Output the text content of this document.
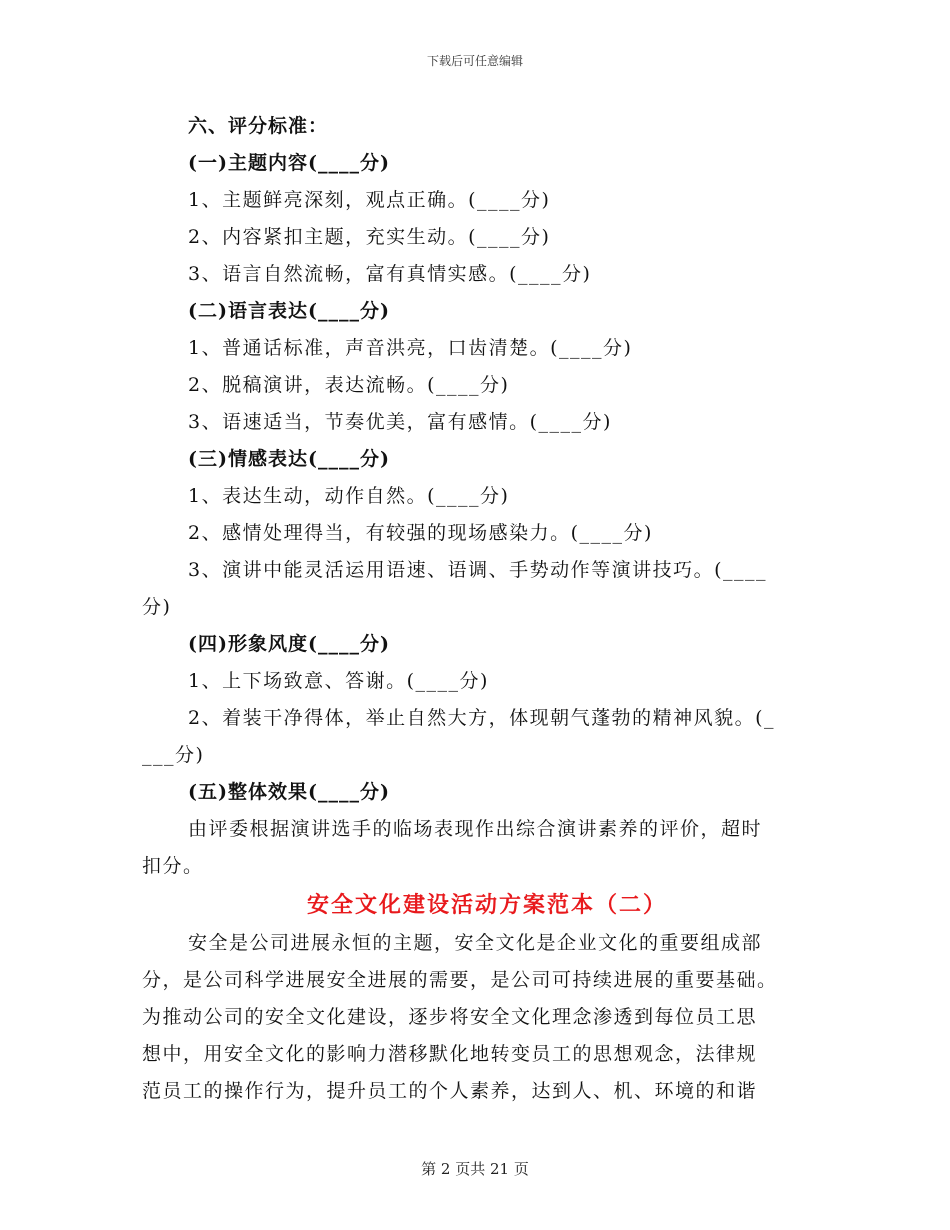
下载后可任意编辑
六、评分标准：
(一)主题内容(____分)
1、主题鲜亮深刻，观点正确。(____分)
2、内容紧扣主题，充实生动。(____分)
3、语言自然流畅，富有真情实感。(____分)
(二)语言表达(____分)
1、普通话标准，声音洪亮，口齿清楚。(____分)
2、脱稿演讲，表达流畅。(____分)
3、语速适当，节奏优美，富有感情。(____分)
(三)情感表达(____分)
1、表达生动，动作自然。(____分)
2、感情处理得当，有较强的现场感染力。(____分)
3、演讲中能灵活运用语速、语调、手势动作等演讲技巧。(____
分)
(四)形象风度(____分)
1、上下场致意、答谢。(____分)
2、着装干净得体，举止自然大方，体现朝气蓬勃的精神风貌。(_
___分)
(五)整体效果(____分)
由评委根据演讲选手的临场表现作出综合演讲素养的评价，超时
扣分。
安全文化建设活动方案范本（二）
安全是公司进展永恒的主题，安全文化是企业文化的重要组成部
分，是公司科学进展安全进展的需要，是公司可持续进展的重要基础。
为推动公司的安全文化建设，逐步将安全文化理念渗透到每位员工思
想中，用安全文化的影响力潜移默化地转变员工的思想观念，法律规
范员工的操作行为，提升员工的个人素养，达到人、机、环境的和谐
第 2 页共 21 页
